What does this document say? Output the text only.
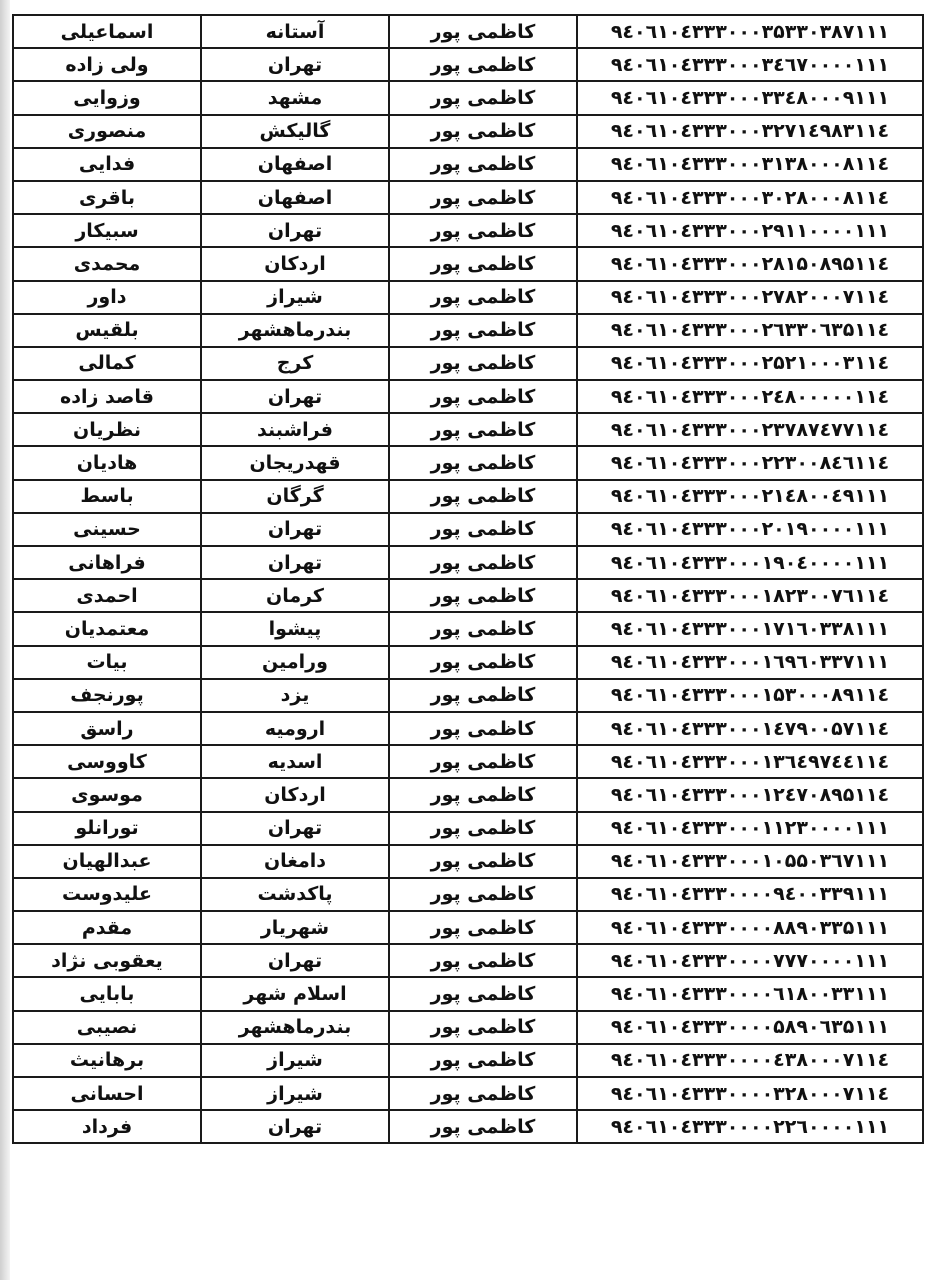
اسماعیلی	آستانه	کاظمی پور	۹٤۰٦۱۰٤۳۳۳۰۰۰۳۵۳۳۰۳۸۷۱۱۱
ولی زاده	تهران	کاظمی پور	۹٤۰٦۱۰٤۳۳۳۰۰۰۳٤٦۷۰۰۰۰۱۱۱
وزوایی	مشهد	کاظمی پور	۹٤۰٦۱۰٤۳۳۳۰۰۰۳۳٤۸۰۰۰۹۱۱۱
منصوری	گالیکش	کاظمی پور	۹٤۰٦۱۰٤۳۳۳۰۰۰۳۲۷۱٤۹۸۳۱۱٤
فدایی	اصفهان	کاظمی پور	۹٤۰٦۱۰٤۳۳۳۰۰۰۳۱۳۸۰۰۰۸۱۱٤
باقری	اصفهان	کاظمی پور	۹٤۰٦۱۰٤۳۳۳۰۰۰۳۰۲۸۰۰۰۸۱۱٤
سبیکار	تهران	کاظمی پور	۹٤۰٦۱۰٤۳۳۳۰۰۰۲۹۱۱۰۰۰۰۱۱۱
محمدی	اردکان	کاظمی پور	۹٤۰٦۱۰٤۳۳۳۰۰۰۲۸۱۵۰۸۹۵۱۱٤
داور	شیراز	کاظمی پور	۹٤۰٦۱۰٤۳۳۳۰۰۰۲۷۸۲۰۰۰۷۱۱٤
بلقیس	بندرماهشهر	کاظمی پور	۹٤۰٦۱۰٤۳۳۳۰۰۰۲٦۳۳۰٦۳۵۱۱٤
کمالی	کرج	کاظمی پور	۹٤۰٦۱۰٤۳۳۳۰۰۰۲۵۲۱۰۰۰۳۱۱٤
قاصد زاده	تهران	کاظمی پور	۹٤۰٦۱۰٤۳۳۳۰۰۰۲٤۸۰۰۰۰۰۱۱٤
نظریان	فراشبند	کاظمی پور	۹٤۰٦۱۰٤۳۳۳۰۰۰۲۳۷۸۷٤۷۷۱۱٤
هادیان	قهدریجان	کاظمی پور	۹٤۰٦۱۰٤۳۳۳۰۰۰۲۲۳۰۰۸٤٦۱۱٤
باسط	گرگان	کاظمی پور	۹٤۰٦۱۰٤۳۳۳۰۰۰۲۱٤۸۰۰٤۹۱۱۱
حسینی	تهران	کاظمی پور	۹٤۰٦۱۰٤۳۳۳۰۰۰۲۰۱۹۰۰۰۰۱۱۱
فراهانی	تهران	کاظمی پور	۹٤۰٦۱۰٤۳۳۳۰۰۰۱۹۰٤۰۰۰۰۱۱۱
احمدی	کرمان	کاظمی پور	۹٤۰٦۱۰٤۳۳۳۰۰۰۱۸۲۳۰۰۷٦۱۱٤
معتمدیان	پیشوا	کاظمی پور	۹٤۰٦۱۰٤۳۳۳۰۰۰۱۷۱٦۰۳۳۸۱۱۱
بیات	ورامین	کاظمی پور	۹٤۰٦۱۰٤۳۳۳۰۰۰۱٦۹٦۰۳۳۷۱۱۱
پورنجف	یزد	کاظمی پور	۹٤۰٦۱۰٤۳۳۳۰۰۰۱۵۳۰۰۰۸۹۱۱٤
راسق	ارومیه	کاظمی پور	۹٤۰٦۱۰٤۳۳۳۰۰۰۱٤۷۹۰۰۵۷۱۱٤
کاووسی	اسدیه	کاظمی پور	۹٤۰٦۱۰٤۳۳۳۰۰۰۱۳٦٤۹۷٤٤۱۱٤
موسوی	اردکان	کاظمی پور	۹٤۰٦۱۰٤۳۳۳۰۰۰۱۲٤۷۰۸۹۵۱۱٤
تورانلو	تهران	کاظمی پور	۹٤۰٦۱۰٤۳۳۳۰۰۰۱۱۲۳۰۰۰۰۱۱۱
عبدالهیان	دامغان	کاظمی پور	۹٤۰٦۱۰٤۳۳۳۰۰۰۱۰۵۵۰۳٦۷۱۱۱
علیدوست	پاکدشت	کاظمی پور	۹٤۰٦۱۰٤۳۳۳۰۰۰۰۹٤۰۰۳۳۹۱۱۱
مقدم	شهریار	کاظمی پور	۹٤۰٦۱۰٤۳۳۳۰۰۰۰۸۸۹۰۳۳۵۱۱۱
یعقوبی نژاد	تهران	کاظمی پور	۹٤۰٦۱۰٤۳۳۳۰۰۰۰۷۷۷۰۰۰۰۱۱۱
بابایی	اسلام شهر	کاظمی پور	۹٤۰٦۱۰٤۳۳۳۰۰۰۰٦۱۸۰۰۳۳۱۱۱
نصیبی	بندرماهشهر	کاظمی پور	۹٤۰٦۱۰٤۳۳۳۰۰۰۰۵۸۹۰٦۳۵۱۱۱
برهانیث	شیراز	کاظمی پور	۹٤۰٦۱۰٤۳۳۳۰۰۰۰٤۳۸۰۰۰۷۱۱٤
احسانی	شیراز	کاظمی پور	۹٤۰٦۱۰٤۳۳۳۰۰۰۰۳۲۸۰۰۰۷۱۱٤
فرداد	تهران	کاظمی پور	۹٤۰٦۱۰٤۳۳۳۰۰۰۰۲۲٦۰۰۰۰۱۱۱
